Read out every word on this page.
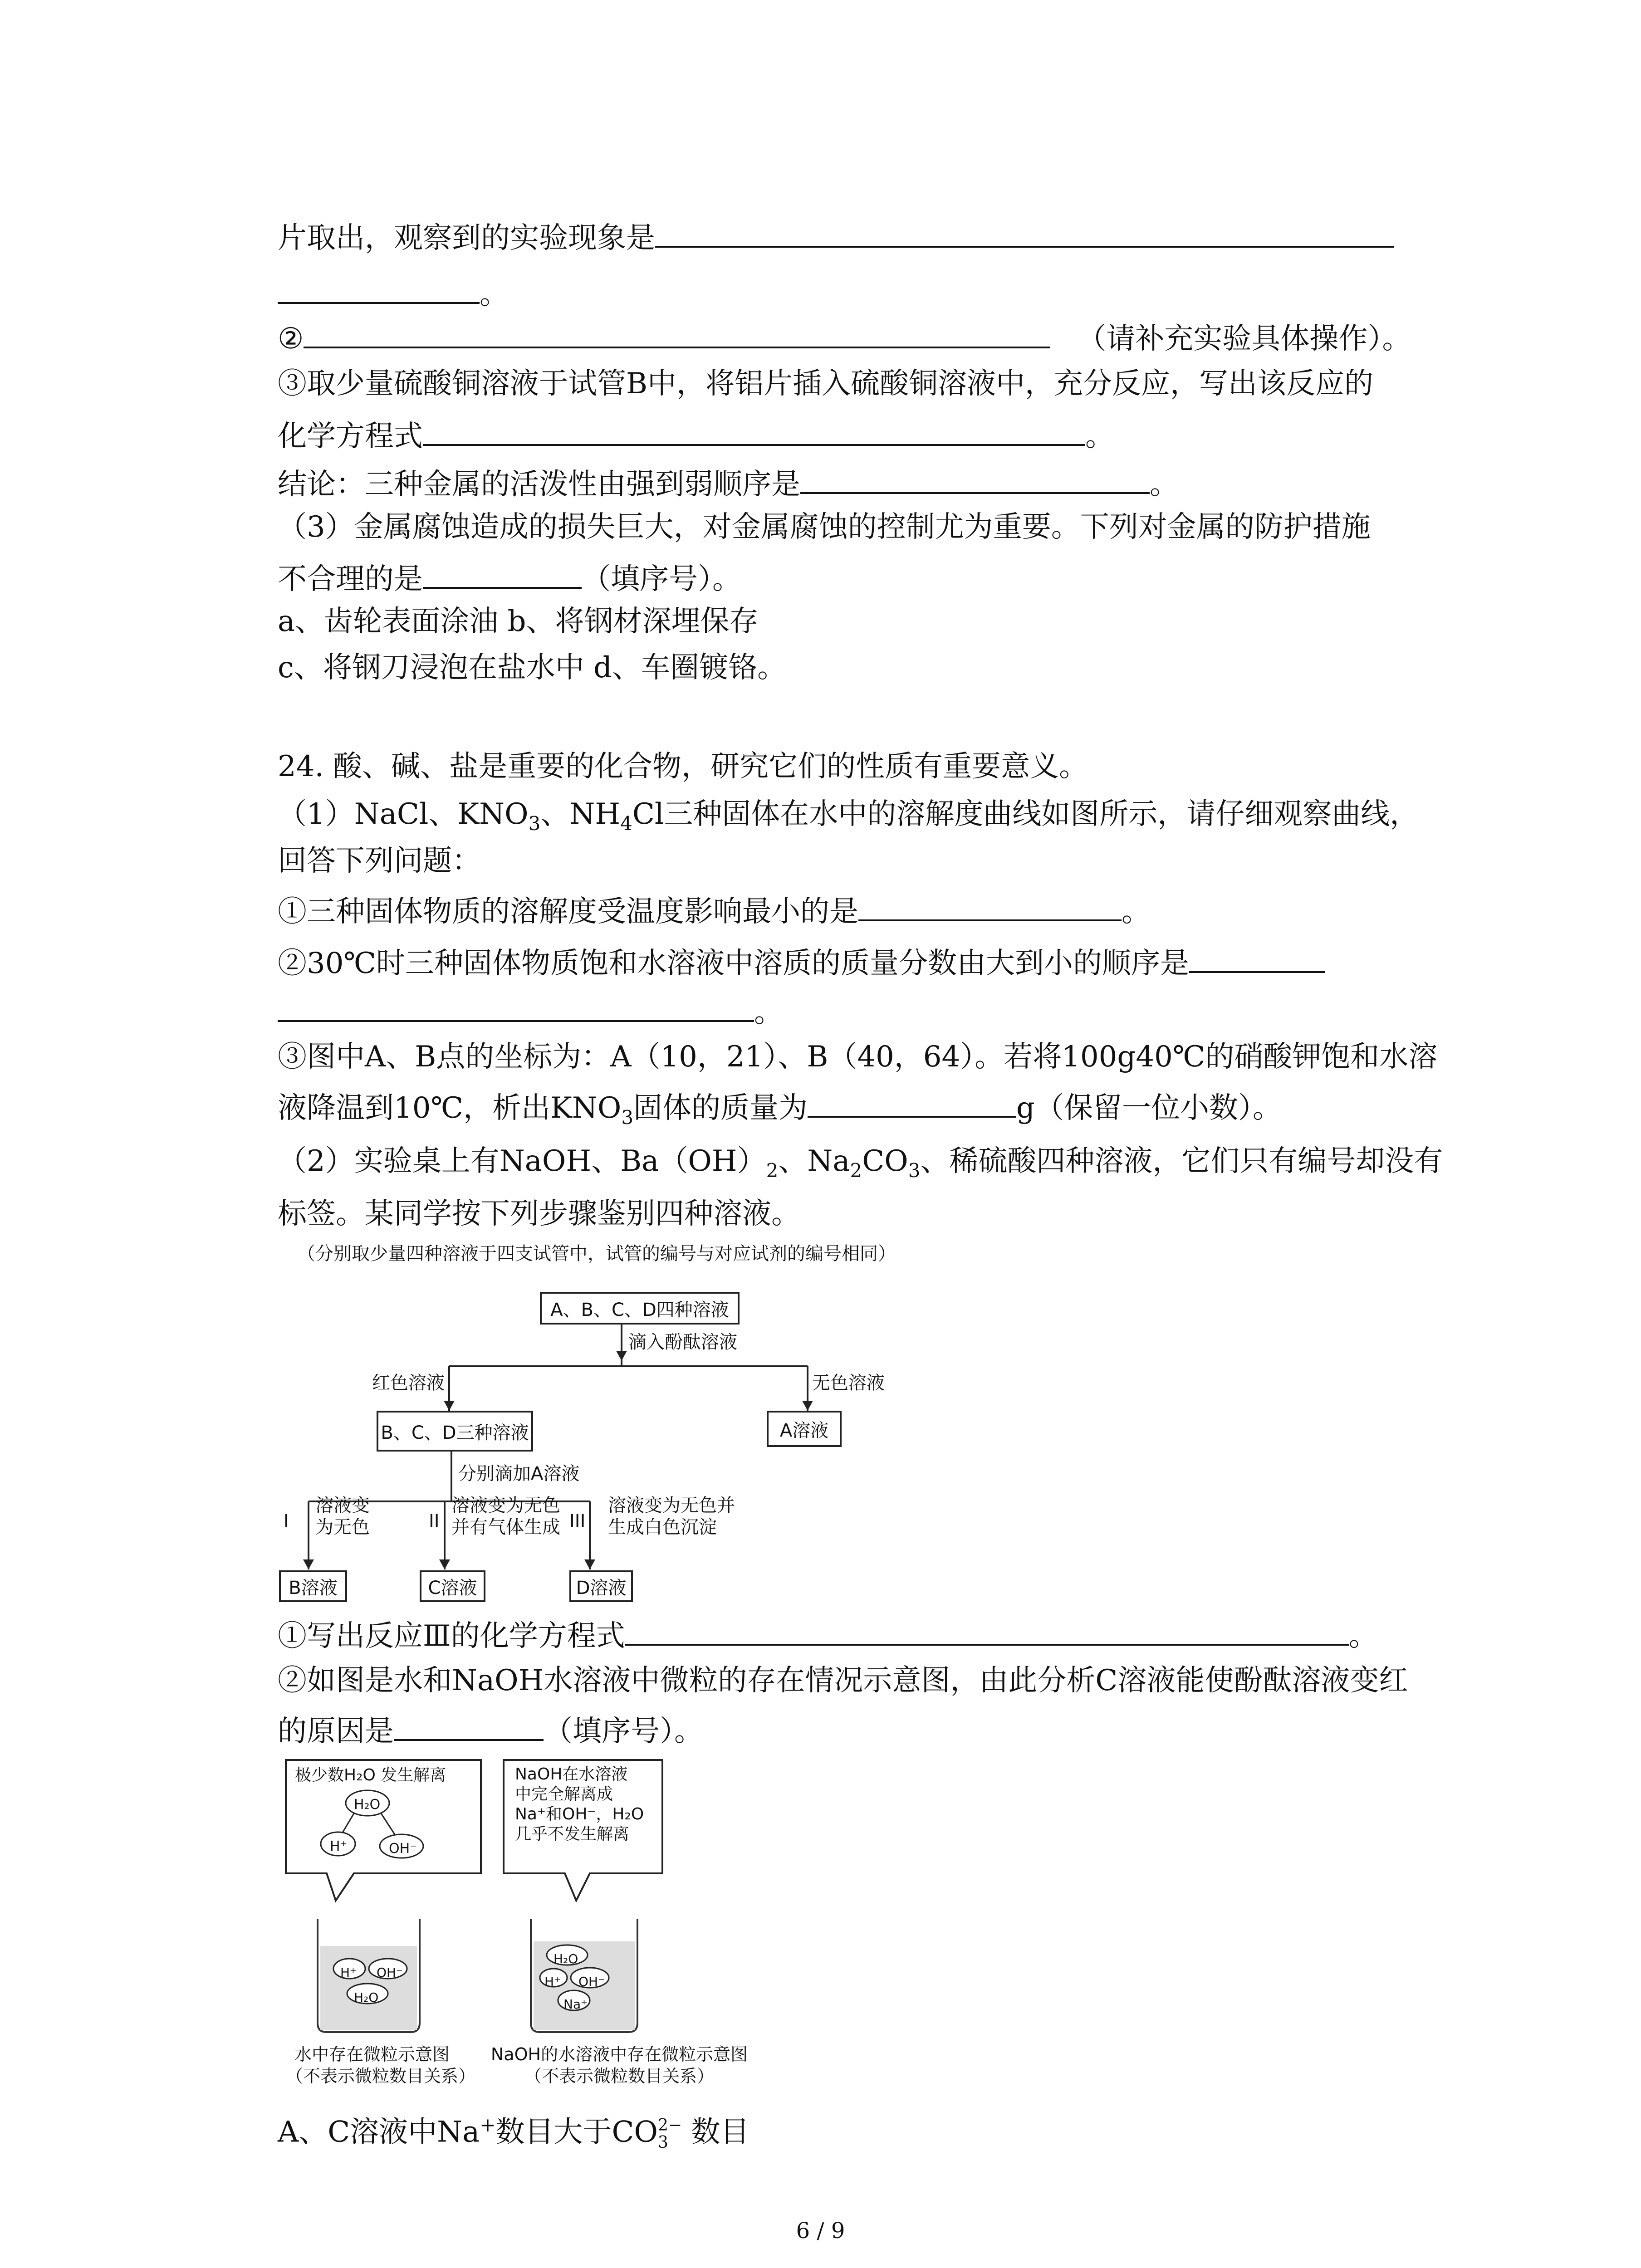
片取出，观察到的实验现象是
。
②	（请补充实验具体操作）。
③取少量硫酸铜溶液于试管B中，将铝片插入硫酸铜溶液中，充分反应，写出该反应的
化学方程式	。
结论：三种金属的活泼性由强到弱顺序是	。
（3）金属腐蚀造成的损失巨大，对金属腐蚀的控制尤为重要。下列对金属的防护措施
不合理的是	（填序号）。
a、齿轮表面涂油 b、将钢材深埋保存
c、将钢刀浸泡在盐水中 d、车圈镀铬。
24. 酸、碱、盐是重要的化合物，研究它们的性质有重要意义。
（1）NaCl、$KNO_3$、$NH_4Cl$三种固体在水中的溶解度曲线如图所示，请仔细观察曲线，
回答下列问题：
①三种固体物质的溶解度受温度影响最小的是	。
②30℃时三种固体物质饱和水溶液中溶质的质量分数由大到小的顺序是
。
③图中A、B点的坐标为：A（10，21）、B（40，64）。若将100g40℃的硝酸钾饱和水溶
液降温到10℃，析出$KNO_3$固体的质量为	g（保留一位小数）。
（2）实验桌上有NaOH、$Ba(OH)_2$、$Na_2CO_3$、稀硫酸四种溶液，它们只有编号却没有
标签。某同学按下列步骤鉴别四种溶液。
（分别取少量四种溶液于四支试管中，试管的编号与对应试剂的编号相同）
A、B、C、D四种溶液
滴入酚酞溶液
红色溶液	无色溶液
B、C、D三种溶液	A溶液
分别滴加A溶液
I
溶液变
为无色	II
溶液变为无色
并有气体生成 III
溶液变为无色并
生成白色沉淀
B溶液	C溶液	D溶液
①写出反应Ⅲ的化学方程式	。
②如图是水和NaOH水溶液中微粒的存在情况示意图，由此分析C溶液能使酚酞溶液变红
的原因是	（填序号）。
极少数H₂O 发生解离
H₂O
H⁺	OH⁻
NaOH在水溶液
中完全解离成
Na⁺和OH⁻，H₂O
几乎不发生解离
H⁺ OH⁻
H₂O
H₂O
H⁺ OH⁻
Na⁺
水中存在微粒示意图
（不表示微粒数目关系）
NaOH的水溶液中存在微粒示意图
（不表示微粒数目关系）
A、C溶液中Na+数目大于CO 2−
3 数目
6 / 9
